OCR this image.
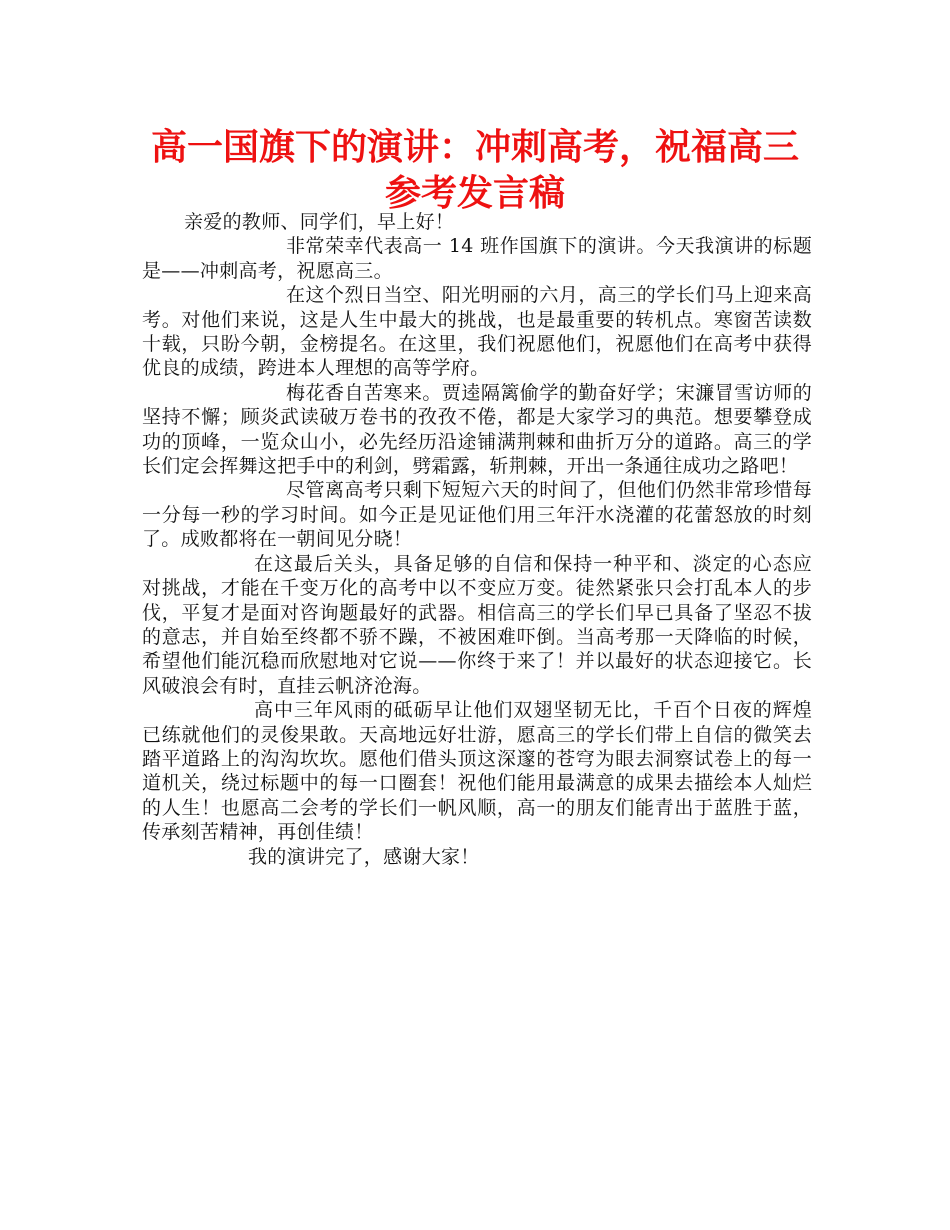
高一国旗下的演讲：冲刺高考，祝福高三
参考发言稿

亲爱的教师、同学们，早上好！

非常荣幸代表高一 14 班作国旗下的演讲。今天我演讲的标题是——冲刺高考，祝愿高三。

在这个烈日当空、阳光明丽的六月，高三的学长们马上迎来高考。对他们来说，这是人生中最大的挑战，也是最重要的转机点。寒窗苦读数十载，只盼今朝，金榜提名。在这里，我们祝愿他们，祝愿他们在高考中获得优良的成绩，跨进本人理想的高等学府。

梅花香自苦寒来。贾逵隔篱偷学的勤奋好学；宋濂冒雪访师的坚持不懈；顾炎武读破万卷书的孜孜不倦，都是大家学习的典范。想要攀登成功的顶峰，一览众山小，必先经历沿途铺满荆棘和曲折万分的道路。高三的学长们定会挥舞这把手中的利剑，劈霜露，斩荆棘，开出一条通往成功之路吧！

尽管离高考只剩下短短六天的时间了，但他们仍然非常珍惜每一分每一秒的学习时间。如今正是见证他们用三年汗水浇灌的花蕾怒放的时刻了。成败都将在一朝间见分晓！

在这最后关头，具备足够的自信和保持一种平和、淡定的心态应对挑战，才能在千变万化的高考中以不变应万变。徒然紧张只会打乱本人的步伐，平复才是面对咨询题最好的武器。相信高三的学长们早已具备了坚忍不拔的意志，并自始至终都不骄不躁，不被困难吓倒。当高考那一天降临的时候，希望他们能沉稳而欣慰地对它说——你终于来了！并以最好的状态迎接它。长风破浪会有时，直挂云帆济沧海。

高中三年风雨的砥砺早让他们双翅坚韧无比，千百个日夜的辉煌已练就他们的灵俊果敢。天高地远好壮游，愿高三的学长们带上自信的微笑去踏平道路上的沟沟坎坎。愿他们借头顶这深邃的苍穹为眼去洞察试卷上的每一道机关，绕过标题中的每一口圈套！祝他们能用最满意的成果去描绘本人灿烂的人生！也愿高二会考的学长们一帆风顺，高一的朋友们能青出于蓝胜于蓝，传承刻苦精神，再创佳绩！

我的演讲完了，感谢大家！
